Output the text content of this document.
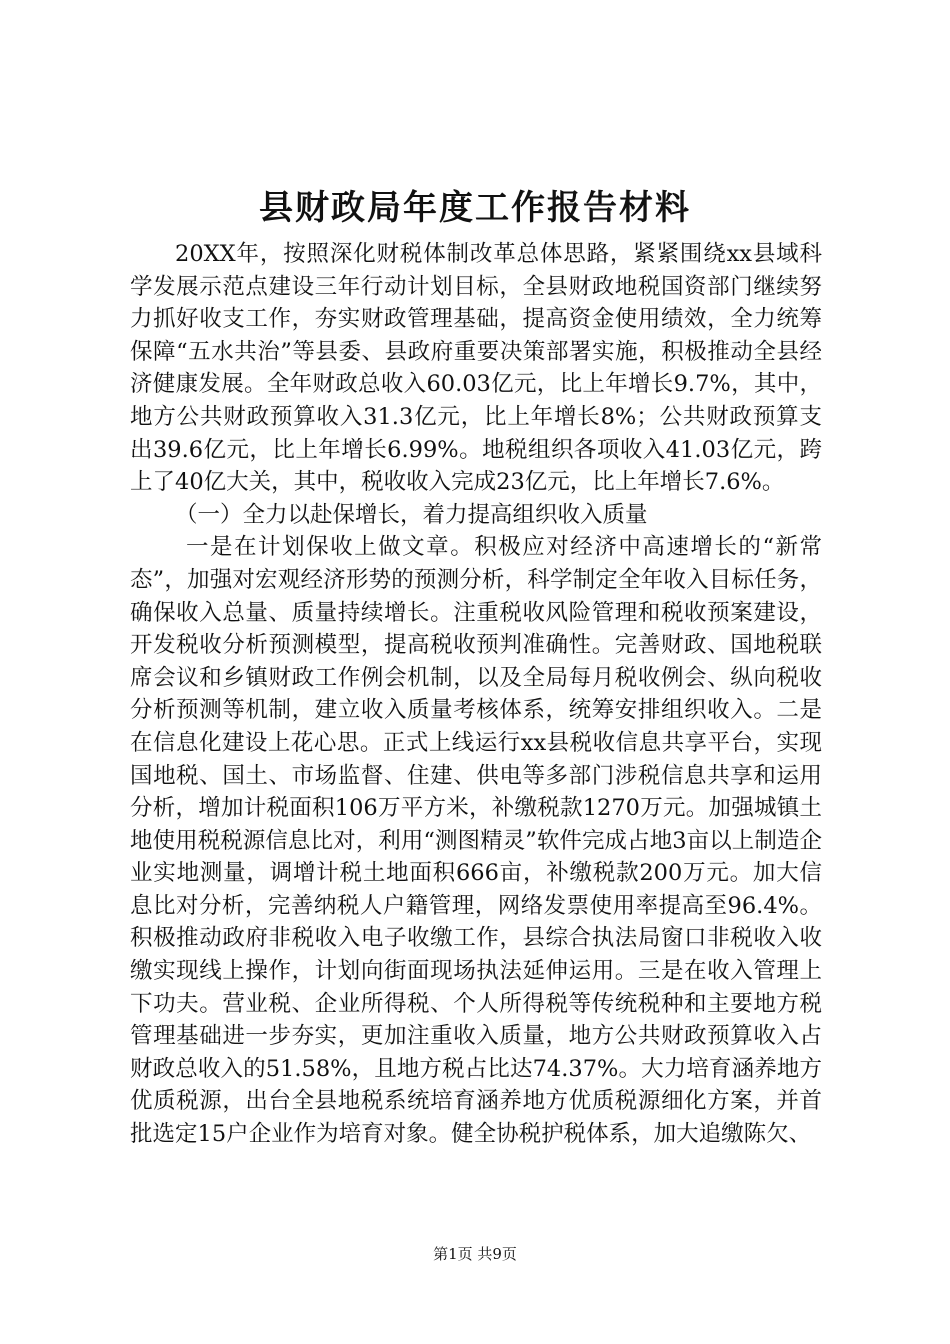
县财政局年度工作报告材料

20XX年，按照深化财税体制改革总体思路，紧紧围绕xx县域科学发展示范点建设三年行动计划目标，全县财政地税国资部门继续努力抓好收支工作，夯实财政管理基础，提高资金使用绩效，全力统筹保障“五水共治”等县委、县政府重要决策部署实施，积极推动全县经济健康发展。全年财政总收入60.03亿元，比上年增长9.7%，其中，地方公共财政预算收入31.3亿元，比上年增长8%；公共财政预算支出39.6亿元，比上年增长6.99%。地税组织各项收入41.03亿元，跨上了40亿大关，其中，税收收入完成23亿元，比上年增长7.6%。

（一）全力以赴保增长，着力提高组织收入质量

一是在计划保收上做文章。积极应对经济中高速增长的“新常态”，加强对宏观经济形势的预测分析，科学制定全年收入目标任务，确保收入总量、质量持续增长。注重税收风险管理和税收预案建设，开发税收分析预测模型，提高税收预判准确性。完善财政、国地税联席会议和乡镇财政工作例会机制，以及全局每月税收例会、纵向税收分析预测等机制，建立收入质量考核体系，统筹安排组织收入。二是在信息化建设上花心思。正式上线运行xx县税收信息共享平台，实现国地税、国土、市场监督、住建、供电等多部门涉税信息共享和运用分析，增加计税面积106万平方米，补缴税款1270万元。加强城镇土地使用税税源信息比对，利用“测图精灵”软件完成占地3亩以上制造企业实地测量，调增计税土地面积666亩，补缴税款200万元。加大信息比对分析，完善纳税人户籍管理，网络发票使用率提高至96.4%。积极推动政府非税收入电子收缴工作，县综合执法局窗口非税收入收缴实现线上操作，计划向街面现场执法延伸运用。三是在收入管理上下功夫。营业税、企业所得税、个人所得税等传统税种和主要地方税管理基础进一步夯实，更加注重收入质量，地方公共财政预算收入占财政总收入的51.58%，且地方税占比达74.37%。大力培育涵养地方优质税源，出台全县地税系统培育涵养地方优质税源细化方案，并首批选定15户企业作为培育对象。健全协税护税体系，加大追缴陈欠、

第1页 共9页
